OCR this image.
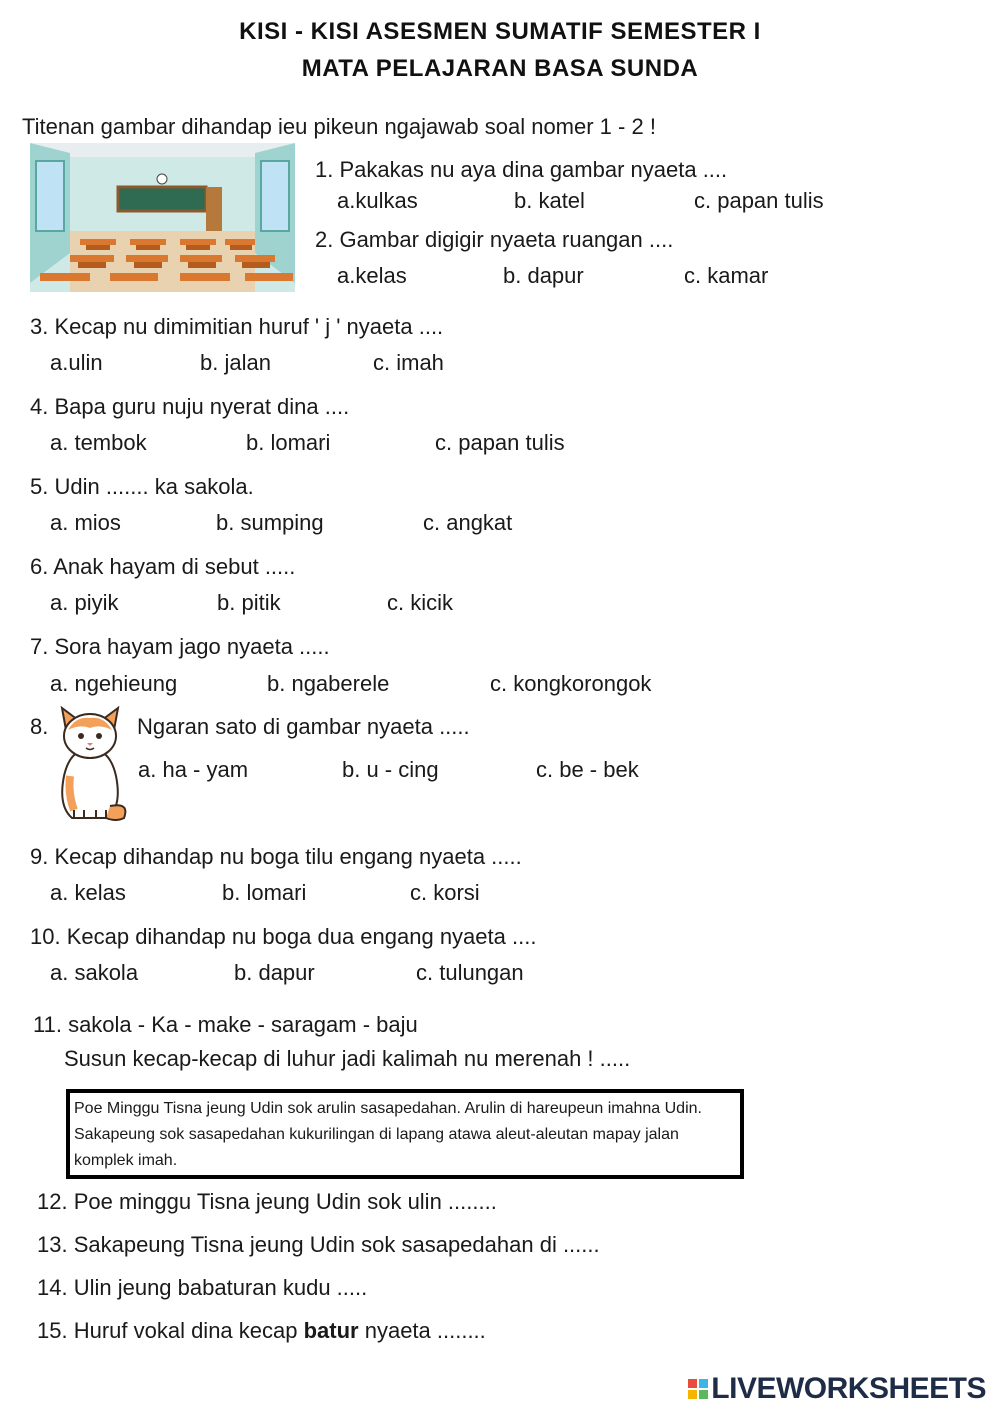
KISI - KISI ASESMEN SUMATIF SEMESTER I
MATA PELAJARAN BASA SUNDA
Titenan gambar dihandap ieu pikeun ngajawab soal nomer 1 - 2 !
1. Pakakas nu aya dina gambar nyaeta ....
a.kulkas	b. katel	c. papan tulis
2. Gambar digigir nyaeta ruangan ....
a.kelas	b. dapur	c. kamar
3. Kecap nu dimimitian huruf ' j ' nyaeta ....
a.ulin	b. jalan	c. imah
4. Bapa guru nuju nyerat dina ....
a. tembok	b. lomari	c. papan tulis
5. Udin ....... ka sakola.
a. mios	b. sumping	c. angkat
6. Anak hayam di sebut .....
a. piyik	b. pitik	c. kicik
7. Sora hayam jago nyaeta .....
a. ngehieung	b. ngaberele	c. kongkorongok
8.	Ngaran sato di gambar nyaeta .....
a. ha - yam	b. u - cing	c. be - bek
9. Kecap dihandap nu boga tilu engang nyaeta .....
a. kelas	b. lomari	c. korsi
10. Kecap dihandap nu boga dua engang nyaeta ....
a. sakola	b. dapur	c. tulungan
11. sakola - Ka - make - saragam - baju
Susun kecap-kecap di luhur jadi kalimah nu merenah ! .....
Poe Minggu Tisna jeung Udin sok arulin sasapedahan. Arulin di hareupeun imahna Udin. Sakapeung sok sasapedahan kukurilingan di lapang atawa aleut-aleutan mapay jalan komplek imah.
12. Poe minggu Tisna jeung Udin sok ulin ........
13. Sakapeung Tisna jeung Udin sok sasapedahan di ......
14. Ulin jeung babaturan kudu .....
15. Huruf vokal dina kecap batur nyaeta ........
LIVEWORKSHEETS
